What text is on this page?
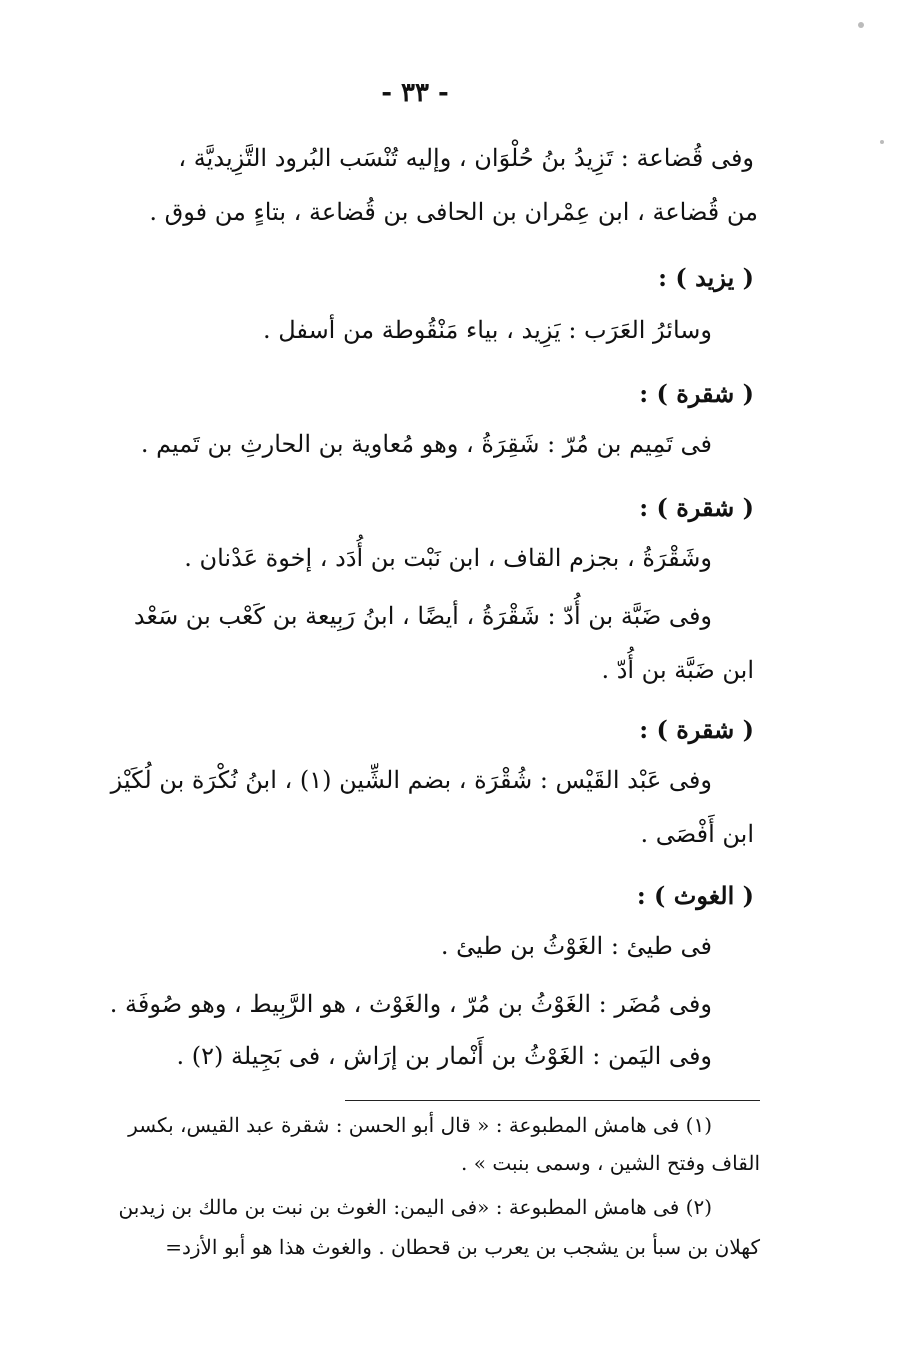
- ٣٣ -
وفى قُضاعة : تَزِيدُ بنُ حُلْوَان ، وإليه تُنْسَب البُرود التَّزِيديَّة ،
من قُضاعة ، ابن عِمْران بن الحافى بن قُضاعة ، بتاءٍ من فوق .
( يزيد ) :
وسائرُ العَرَب : يَزِيد ، بياء مَنْقُوطة من أسفل .
( شقرة ) :
فى تَمِيم بن مُرّ : شَقِرَةُ ، وهو مُعاوية بن الحارثِ بن تَميم .
( شقرة ) :
وشَقْرَةُ ، بجزم القاف ، ابن نَبْت بن أُدَد ، إخوة عَدْنان .
وفى ضَبَّة بن أُدّ : شَقْرَةُ ، أيضًا ، ابنُ رَبِيعة بن كَعْب بن سَعْد
ابن ضَبَّة بن أُدّ .
( شقرة ) :
وفى عَبْد القَيْس : شُقْرَة ، بضم الشِّين (١) ، ابنُ نُكْرَة بن لُكَيْز
ابن أَفْصَى .
( الغوث ) :
فى طيئ : الغَوْثُ بن طيئ .
وفى مُضَر : الغَوْثُ بن مُرّ ، والغَوْث ، هو الرَّبِيط ، وهو صُوفَة .
وفى اليَمن : الغَوْثُ بن أَنْمار بن إرَاش ، فى بَجِيلة (٢) .
(١) فى هامش المطبوعة : « قال أبو الحسن : شقرة عبد القيس، بكسر
القاف وفتح الشين ، وسمى بنبت » .
(٢) فى هامش المطبوعة : «فى اليمن: الغوث بن نبت بن مالك بن زيدبن
كهلان بن سبأ بن يشجب بن يعرب بن قحطان . والغوث هذا هو أبو الأزد=
